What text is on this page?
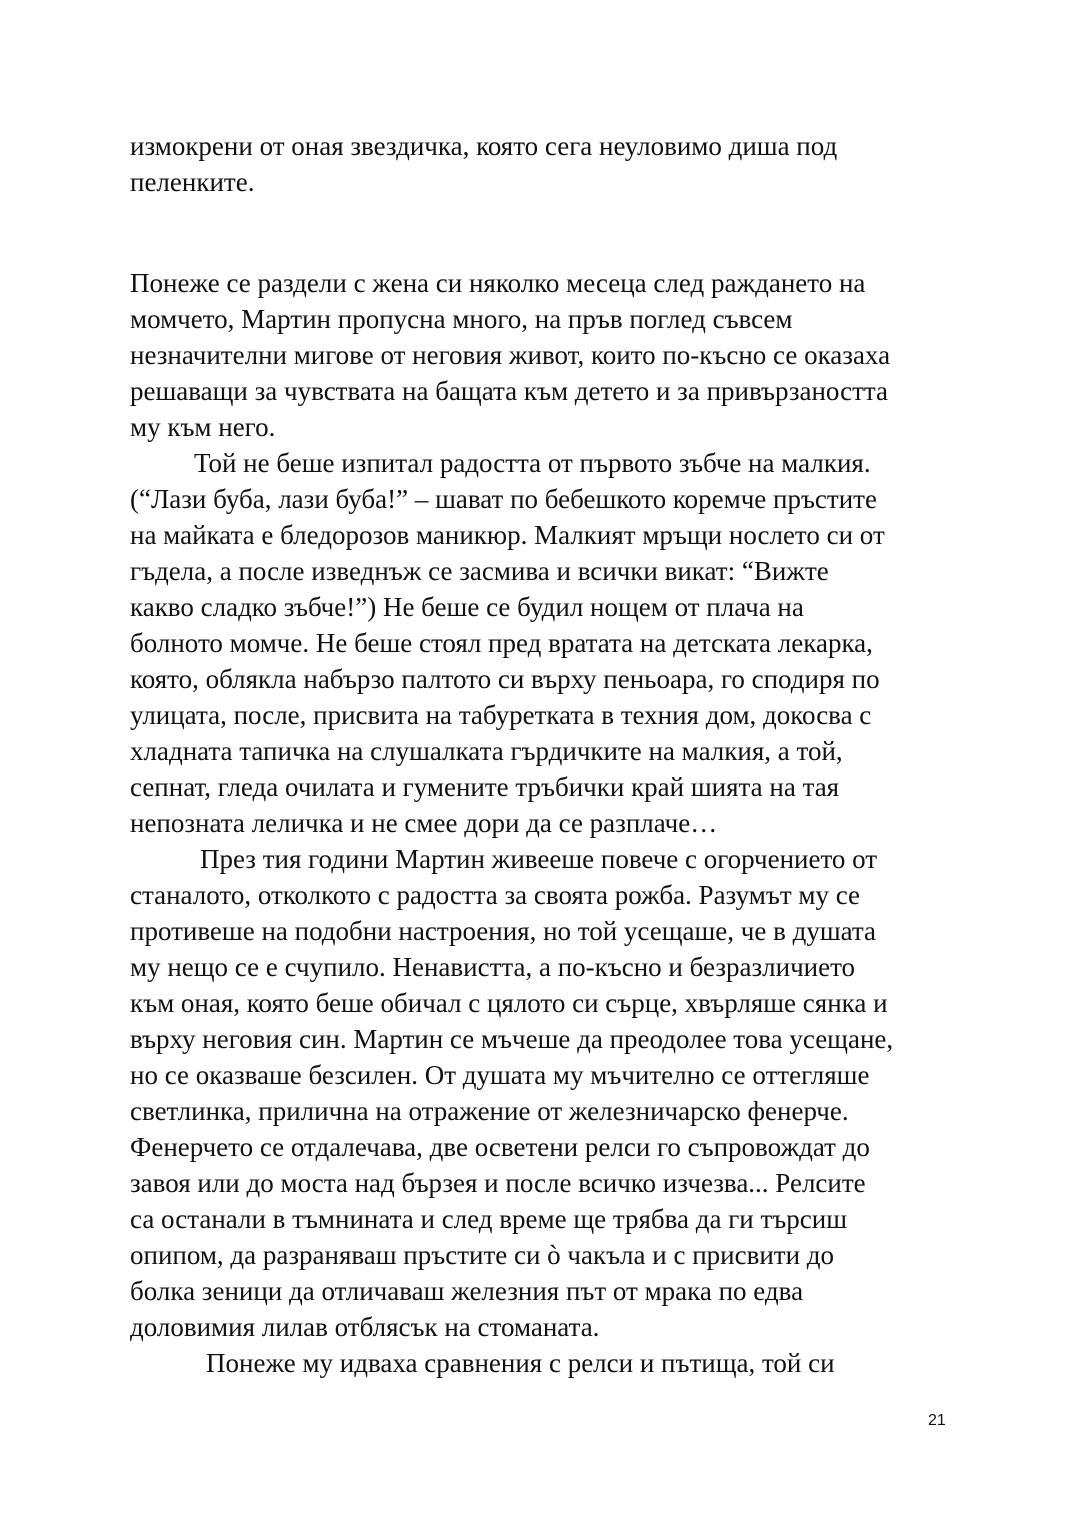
измокрени от оная звездичка, която сега неуловимо диша под
пеленките.
Понеже се раздели с жена си няколко месеца след раждането на
момчето, Мартин пропусна много, на пръв поглед съвсем
незначителни мигове от неговия живот, които по-късно се оказаха
решаващи за чувствата на бащата към детето и за привързаността
му към него.
Той не беше изпитал радостта от първото зъбче на малкия.
(“Лази буба, лази буба!” – шават по бебешкото коремче пръстите
на майката е бледорозов маникюр. Малкият мръщи нослето си от
гъдела, а после изведнъж се засмива и всички викат: “Вижте
какво сладко зъбче!”) Не беше се будил нощем от плача на
болното момче. Не беше стоял пред вратата на детската лекарка,
която, облякла набързо палтото си върху пеньоара, го сподиря по
улицата, после, присвита на табуретката в техния дом, докосва с
хладната тапичка на слушалката гърдичките на малкия, а той,
сепнат, гледа очилата и гумените тръбички край шията на тая
непозната леличка и не смее дори да се разплаче…
През тия години Мартин живееше повече с огорчението от
станалото, отколкото с радостта за своята рожба. Разумът му се
противеше на подобни настроения, но той усещаше, че в душата
му нещо се е счупило. Ненавистта, а по-късно и безразличието
към оная, която беше обичал с цялото си сърце, хвърляше сянка и
върху неговия син. Мартин се мъчеше да преодолее това усещане,
но се оказваше безсилен. От душата му мъчително се оттегляше
светлинка, прилична на отражение от железничарско фенерче.
Фенерчето се отдалечава, две осветени релси го съпровождат до
завоя или до моста над бързея и после всичко изчезва... Релсите
са останали в тъмнината и след време ще трябва да ги търсиш
опипом, да разраняваш пръстите си ò чакъла и с присвити до
болка зеници да отличаваш железния път от мрака по едва
доловимия лилав отблясък на стоманата.
Понеже му идваха сравнения с релси и пътища, той си
21
